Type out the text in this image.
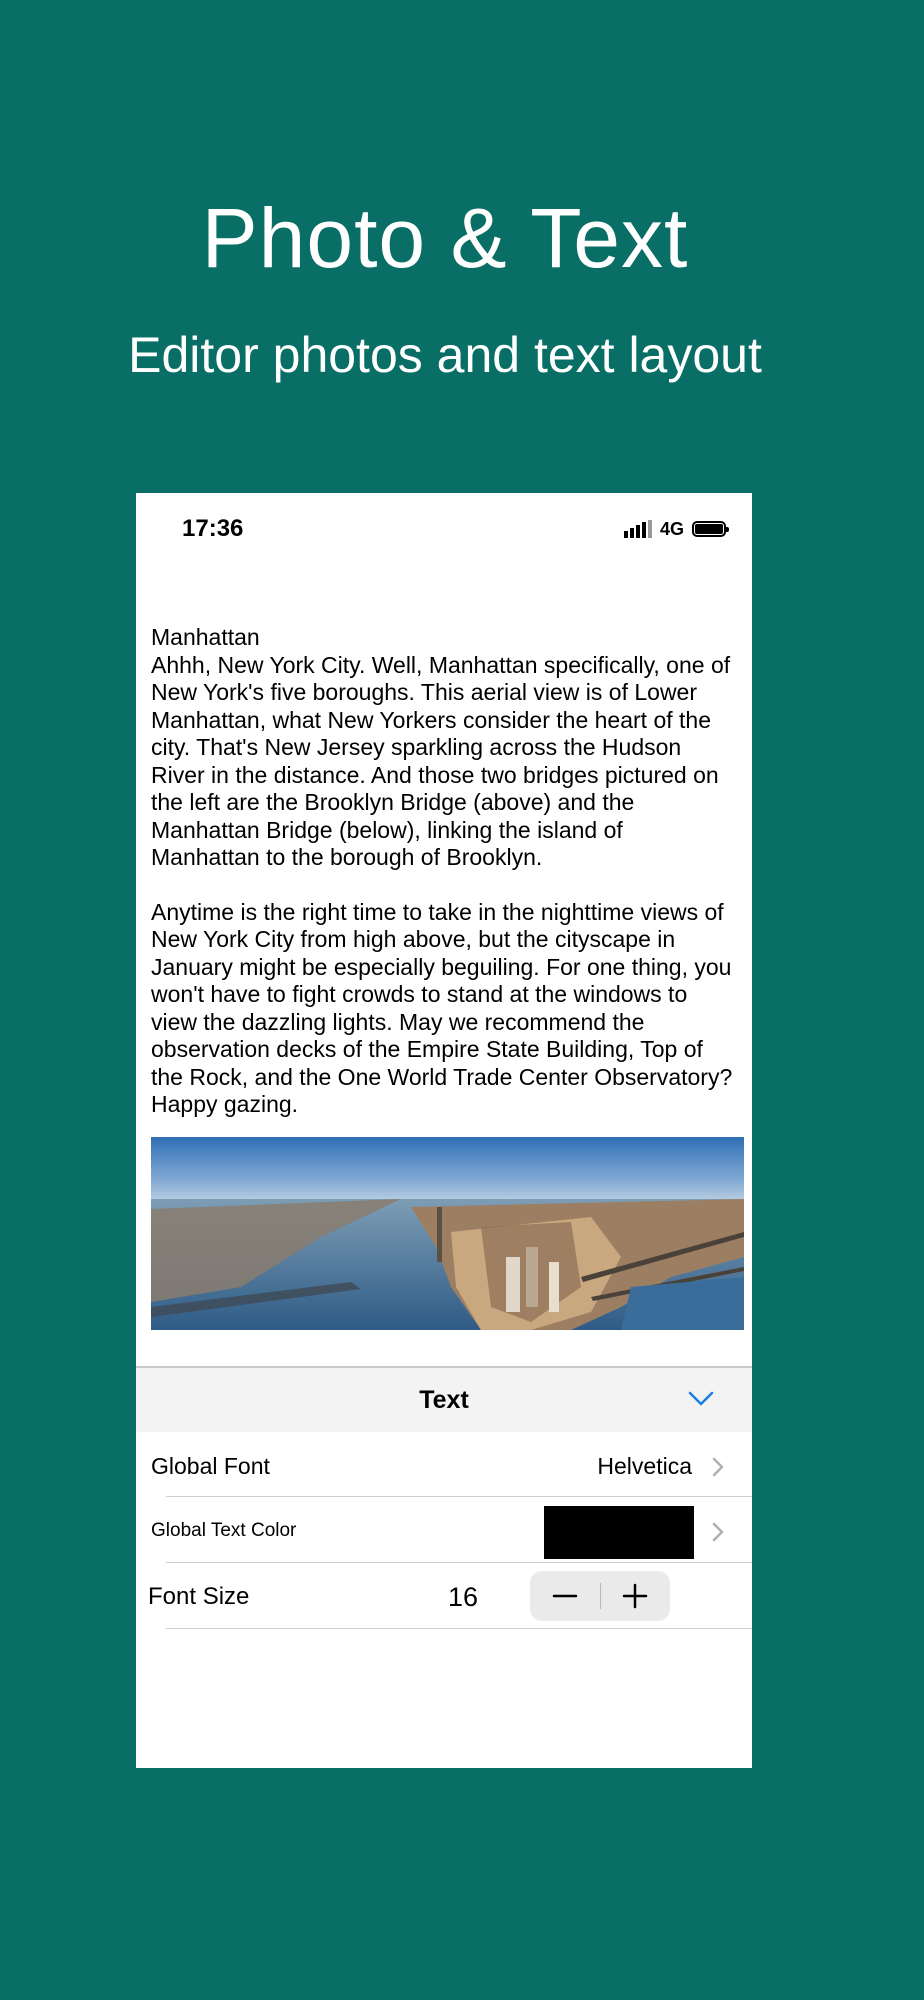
Photo & Text
Editor photos and text layout
17:36	4G

Manhattan

Ahhh, New York City. Well, Manhattan specifically, one of New York's five boroughs. This aerial view is of Lower Manhattan, what New Yorkers consider the heart of the city. That's New Jersey sparkling across the Hudson River in the distance. And those two bridges pictured on the left are the Brooklyn Bridge (above) and the Manhattan Bridge (below), linking the island of Manhattan to the borough of Brooklyn.

Anytime is the right time to take in the nighttime views of New York City from high above, but the cityscape in January might be especially beguiling. For one thing, you won't have to fight crowds to stand at the windows to view the dazzling lights. May we recommend the observation decks of the Empire State Building, Top of the Rock, and the One World Trade Center Observatory? Happy gazing.

Text
Global Font	Helvetica
Global Text Color
Font Size	16
